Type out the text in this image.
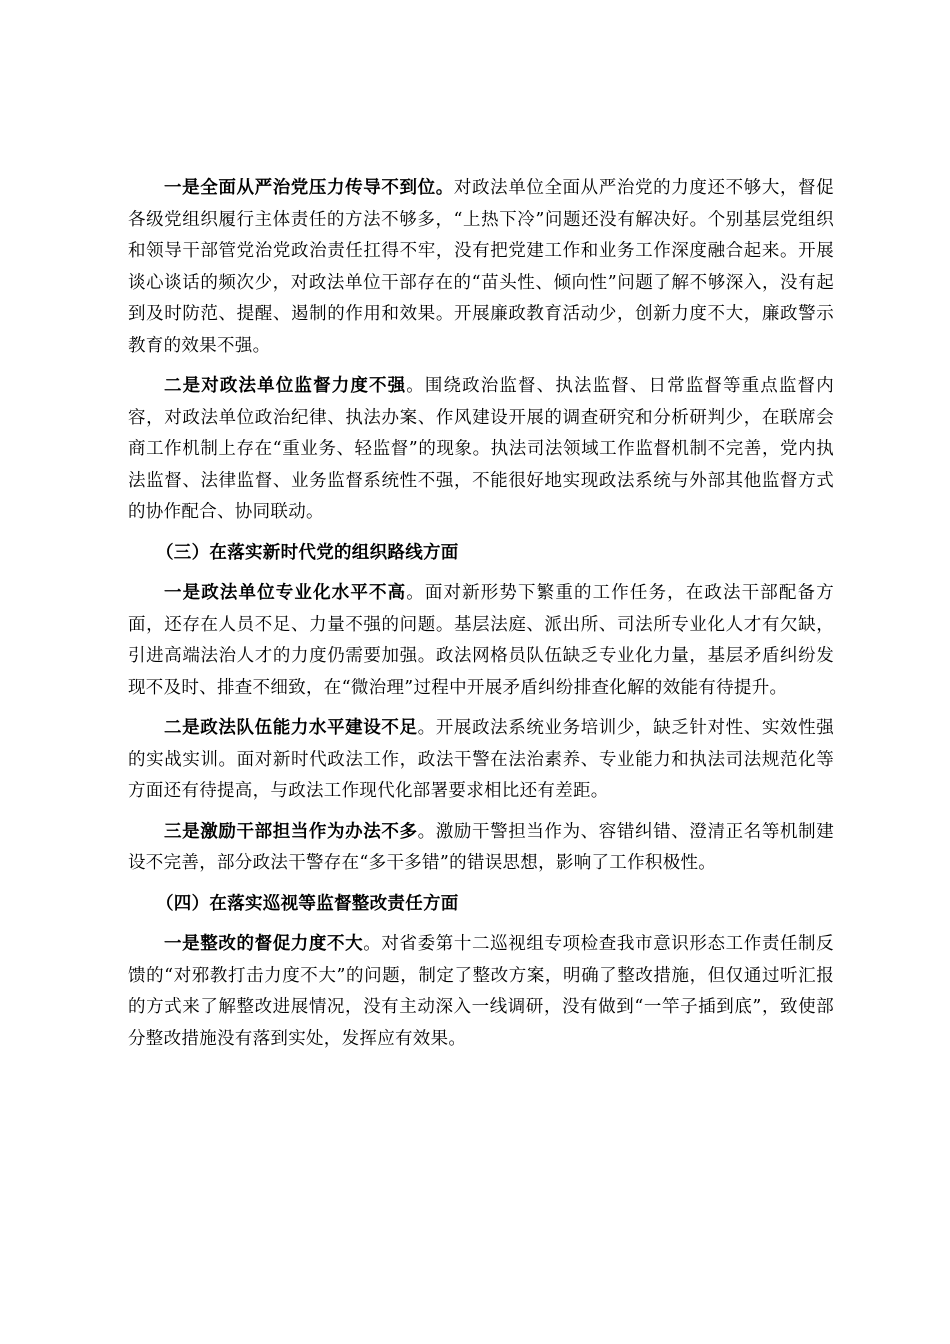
一是全面从严治党压力传导不到位。对政法单位全面从严治党的力度还不够大，督促各级党组织履行主体责任的方法不够多，“上热下冷”问题还没有解决好。个别基层党组织和领导干部管党治党政治责任扛得不牢，没有把党建工作和业务工作深度融合起来。开展谈心谈话的频次少，对政法单位干部存在的“苗头性、倾向性”问题了解不够深入，没有起到及时防范、提醒、遏制的作用和效果。开展廉政教育活动少，创新力度不大，廉政警示教育的效果不强。

二是对政法单位监督力度不强。围绕政治监督、执法监督、日常监督等重点监督内容，对政法单位政治纪律、执法办案、作风建设开展的调查研究和分析研判少，在联席会商工作机制上存在“重业务、轻监督”的现象。执法司法领域工作监督机制不完善，党内执法监督、法律监督、业务监督系统性不强，不能很好地实现政法系统与外部其他监督方式的协作配合、协同联动。

（三）在落实新时代党的组织路线方面

一是政法单位专业化水平不高。面对新形势下繁重的工作任务，在政法干部配备方面，还存在人员不足、力量不强的问题。基层法庭、派出所、司法所专业化人才有欠缺，引进高端法治人才的力度仍需要加强。政法网格员队伍缺乏专业化力量，基层矛盾纠纷发现不及时、排查不细致，在“微治理”过程中开展矛盾纠纷排查化解的效能有待提升。

二是政法队伍能力水平建设不足。开展政法系统业务培训少，缺乏针对性、实效性强的实战实训。面对新时代政法工作，政法干警在法治素养、专业能力和执法司法规范化等方面还有待提高，与政法工作现代化部署要求相比还有差距。

三是激励干部担当作为办法不多。激励干警担当作为、容错纠错、澄清正名等机制建设不完善，部分政法干警存在“多干多错”的错误思想，影响了工作积极性。

（四）在落实巡视等监督整改责任方面

一是整改的督促力度不大。对省委第十二巡视组专项检查我市意识形态工作责任制反馈的“对邪教打击力度不大”的问题，制定了整改方案，明确了整改措施，但仅通过听汇报的方式来了解整改进展情况，没有主动深入一线调研，没有做到“一竿子插到底”，致使部分整改措施没有落到实处，发挥应有效果。
